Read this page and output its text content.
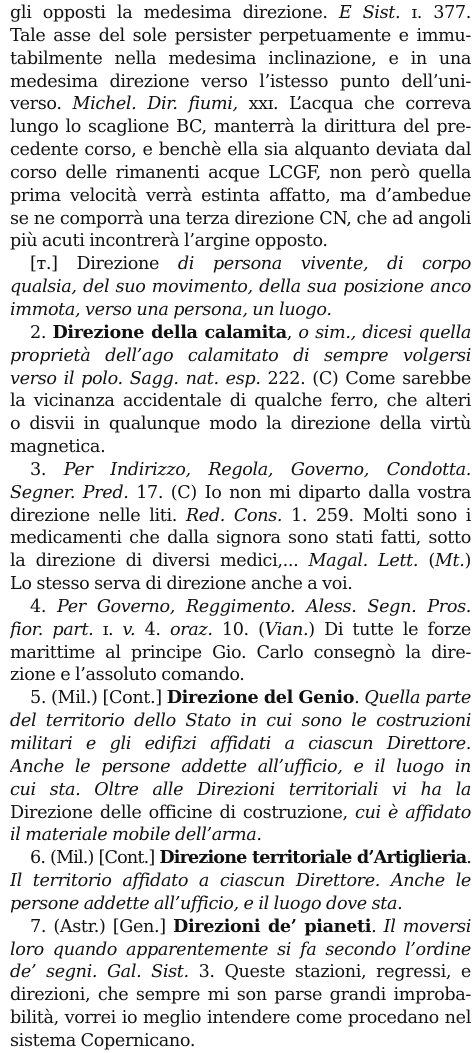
gli opposti la medesima direzione. E Sist. ɪ. 377.
Tale asse del sole persister perpetuamente e immu-
tabilmente nella medesima inclinazione, e in una
medesima direzione verso l’istesso punto dell’uni-
verso. Michel. Dir. fiumi, xxɪ. L’acqua che correva
lungo lo scaglione BC, manterrà la dirittura del pre-
cedente corso, e benchè ella sia alquanto deviata dal
corso delle rimanenti acque LCGF, non però quella
prima velocità verrà estinta affatto, ma d’ambedue
se ne comporrà una terza direzione CN, che ad angoli
più acuti incontrerà l’argine opposto.
[ᴛ.] Direzione di persona vivente, di corpo
qualsia, del suo movimento, della sua posizione anco
immota, verso una persona, un luogo.
2. Direzione della calamita, o sim., dicesi quella
proprietà dell’ago calamitato di sempre volgersi
verso il polo. Sagg. nat. esp. 222. (C) Come sarebbe
la vicinanza accidentale di qualche ferro, che alteri
o disvii in qualunque modo la direzione della virtù
magnetica.
3. Per Indirizzo, Regola, Governo, Condotta.
Segner. Pred. 17. (C) Io non mi diparto dalla vostra
direzione nelle liti. Red. Cons. 1. 259. Molti sono i
medicamenti che dalla signora sono stati fatti, sotto
la direzione di diversi medici,... Magal. Lett. (Mt.)
Lo stesso serva di direzione anche a voi.
4. Per Governo, Reggimento. Aless. Segn. Pros.
fior. part. ɪ. v. 4. oraz. 10. (Vian.) Di tutte le forze
marittime al principe Gio. Carlo consegnò la dire-
zione e l’assoluto comando.
5. (Mil.) [Cont.] Direzione del Genio. Quella parte
del territorio dello Stato in cui sono le costruzioni
militari e gli edifizi affidati a ciascun Direttore.
Anche le persone addette all’ufficio, e il luogo in
cui sta. Oltre alle Direzioni territoriali vi ha la
Direzione delle officine di costruzione, cui è affidato
il materiale mobile dell’arma.
6. (Mil.) [Cont.] Direzione territoriale d’Artiglieria.
Il territorio affidato a ciascun Direttore. Anche le
persone addette all’ufficio, e il luogo dove sta.
7. (Astr.) [Gen.] Direzioni de’ pianeti. Il moversi
loro quando apparentemente si fa secondo l’ordine
de’ segni. Gal. Sist. 3. Queste stazioni, regressi, e
direzioni, che sempre mi son parse grandi improba-
bilità, vorrei io meglio intendere come procedano nel
sistema Copernicano.
